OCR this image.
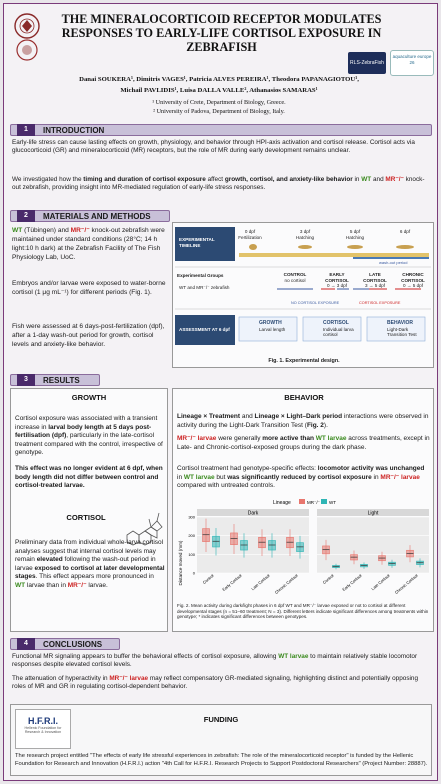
THE MINERALOCORTICOID RECEPTOR MODULATES
RESPONSES TO EARLY-LIFE CORTISOL EXPOSURE IN
ZEBRAFISH
RLS-ZebraFish
aquaculture europe 26
Danai SOUKERA¹, Dimitris VAGES¹, Patricia ALVES PEREIRA¹, Theodora PAPANAGIOTOU¹,
Michail PAVLIDIS¹, Luisa DALLA VALLE², Athanasios SAMARAS¹
¹ University of Crete, Department of Biology, Greece.
² University of Padova, Department of Biology, Italy.
1	INTRODUCTION
Early-life stress can cause lasting effects on growth, physiology, and behavior through HPI-axis activation and cortisol release. Cortisol acts via glucocorticoid (GR) and mineralocorticoid (MR) receptors, but the role of MR during early development remains unclear.
We investigated how the timing and duration of cortisol exposure affect growth, cortisol, and anxiety-like behavior in WT and MR⁻/⁻ knock-out zebrafish, providing insight into MR-mediated regulation of early-life stress responses.
2	MATERIALS AND METHODS
WT (Tübingen) and MR⁻/⁻ knock-out zebrafish were maintained under standard conditions (28°C; 14 h light:10 h dark) at the Zebrafish Facility of The Fish Physiology Lab, UoC.
Embryos and/or larvae were exposed to water-borne cortisol (1 μg mL⁻¹) for different periods (Fig. 1).
Fish were assessed at 6 days-post-fertilization (dpf), after a 1-day wash-out period for growth, cortisol levels and anxiety-like behavior.
EXPERIMENTAL TIMELINE
0 dpf
Fertilization
3 dpf
Hatching
5 dpf
Hatching
6 dpf
wash-out period
Experimental Groups	CONTROL
no cortisol
EARLY CORTISOL
0 → 3 dpf
LATE CORTISOL
3 → 5 dpf
CHRONIC CORTISOL
0 → 5 dpf
WT and MR⁻/⁻ zebrafish
NO CORTISOL EXPOSURE	CORTISOL EXPOSURE
ASSESSMENT AT 6 dpf
GROWTH
Larval length
CORTISOL
Individual larva cortisol
BEHAVIOR
Light-Dark Transition Test
Fig. 1. Experimental design.
3	RESULTS
GROWTH
Cortisol exposure was associated with a transient increase in larval body length at 5 days post-fertilisation (dpf), particularly in the late-cortisol treatment compared with the control, irrespective of genotype.
This effect was no longer evident at 6 dpf, when body length did not differ between control and cortisol-treated larvae.
CORTISOL
Preliminary data from individual whole-larva cortisol analyses suggest that internal cortisol levels may remain elevated following the wash-out period in larvae exposed to cortisol at later developmental stages. This effect appears more pronounced in WT larvae than in MR⁻/⁻ larvae.
BEHAVIOR
Lineage × Treatment and Lineage × Light–Dark period interactions were observed in activity during the Light-Dark Transition Test (Fig. 2).
MR⁻/⁻ larvae were generally more active than WT larvae across treatments, except in Late- and Chronic-cortisol-exposed groups during the dark phase.
Cortisol treatment had genotype-specific effects: locomotor activity was unchanged in WT larvae but was significantly reduced by cortisol exposure in MR⁻/⁻ larvae compared with untreated controls.
Lineage	MR⁻/⁻ WT
Distance moved (mm)
Dark
0
100
200
300
Control Early Cortisol Late Cortisol Chronic Cortisol
Light
Control Early Cortisol Late Cortisol Chronic Cortisol
Fig. 2. Mean activity during dark/light phases in 6 dpf WT and MR⁻/⁻ larvae exposed or not to cortisol at different developmental stages (n = 51–60 treatment; N = 3). Different letters indicate significant differences among treatments within genotype; * indicates significant differences between genotypes.
4	CONCLUSIONS
Functional MR signaling appears to buffer the behavioral effects of cortisol exposure, allowing WT larvae to maintain relatively stable locomotor responses despite elevated cortisol levels.
The attenuation of hyperactivity in MR⁻/⁻ larvae may reflect compensatory GR-mediated signaling, highlighting distinct and potentially opposing roles of MR and GR in regulating cortisol-dependent behavior.
H.F.R.I.
Hellenic Foundation for Research & Innovation
FUNDING
The research project entitled "The effects of early life stressful experiences in zebrafish: The role of the mineralocorticoid receptor" is funded by the Hellenic Foundation for Research and Innovation (H.F.R.I.) action "4th Call for H.F.R.I. Research Projects to Support Postdoctoral Researchers" (Project Number: 28887).
